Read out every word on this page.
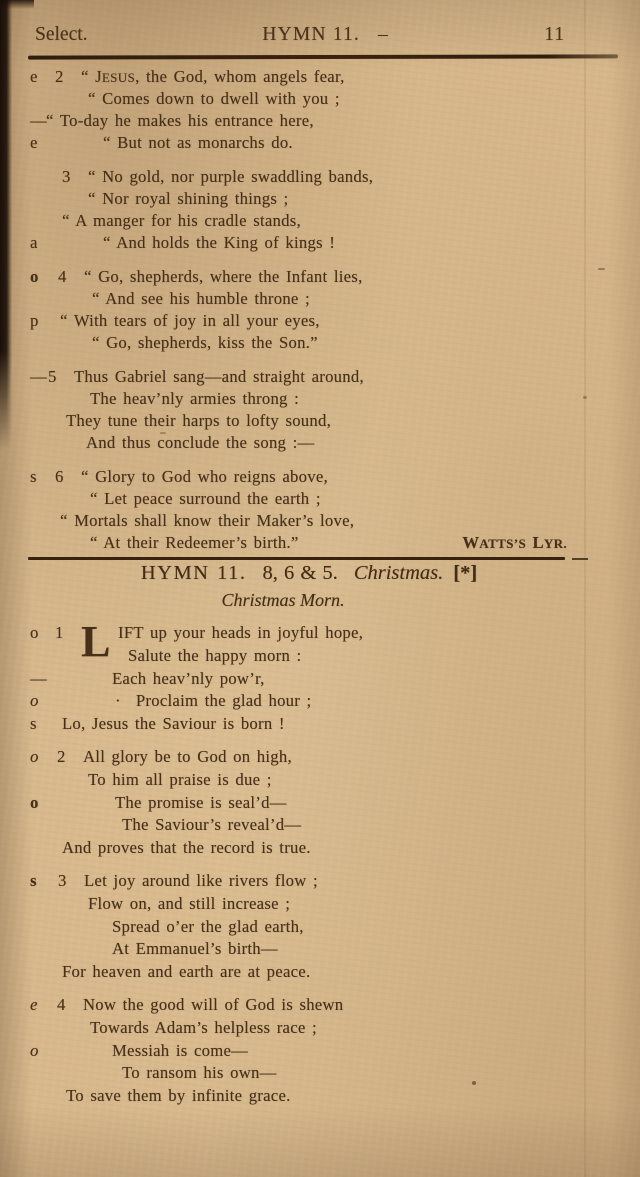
Select.	HYMN 11. –	11
e 2 “ JESUS, the God, whom angels fear,
“ Comes down to dwell with you ;
— “ To-day he makes his entrance here,
e	“ But not as monarchs do.
3 “ No gold, nor purple swaddling bands,
“ Nor royal shining things ;
“ A manger for his cradle stands,
a	“ And holds the King of kings !
o 4 “ Go, shepherds, where the Infant lies,
“ And see his humble throne ;
p “ With tears of joy in all your eyes,
“ Go, shepherds, kiss the Son.”
— 5 Thus Gabriel sang—and straight around,
The heav’nly armies throng :
They tune their harps to lofty sound,
And thus conclude the song :—
s 6 “ Glory to God who reigns above,
“ Let peace surround the earth ;
“ Mortals shall know their Maker’s love,
“ At their Redeemer’s birth.”	WATTS’S LYR.
HYMN 11. 8, 6 & 5. Christmas. [*]
Christmas Morn.
o 1 L IFT up your heads in joyful hope,
Salute the happy morn :
—	Each heav’nly pow’r,
o	·  Proclaim the glad hour ;
s Lo, Jesus the Saviour is born !
o 2 All glory be to God on high,
To him all praise is due ;
o	The promise is seal’d—
The Saviour’s reveal’d—
And proves that the record is true.
s 3 Let joy around like rivers flow ;
Flow on, and still increase ;
Spread o’er the glad earth,
At Emmanuel’s birth—
For heaven and earth are at peace.
e 4 Now the good will of God is shewn
Towards Adam’s helpless race ;
o	Messiah is come—
To ransom his own—
To save them by infinite grace.
